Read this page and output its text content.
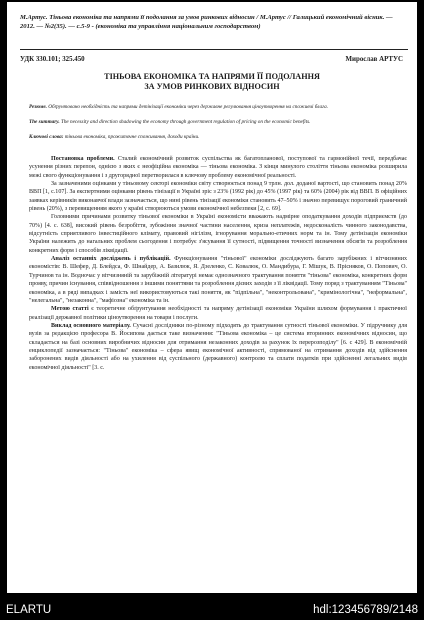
М.Артус. Тіньова економіка та напрями її подолання за умов ринкових відносин / М.Артус // Галицький економічний вісник. — 2012. — №2(35). — с.5-9 - (економіка та управління національним господарством)
УДК 330.101; 325.450	Мирослав АРТУС
ТІНЬОВА ЕКОНОМІКА ТА НАПРЯМИ ЇЇ ПОДОЛАННЯ
ЗА УМОВ РИНКОВИХ ВІДНОСИН
Резюме. Обґрунтовано необхідність та напрями детінізації економіки через державне регулювання ціноутворення на споживчі блага.
The summary. The necessity and direction shadowing the economy through government regulation of pricing on the economic benefits.
Ключові слова: тіньова економіка, прожиточне споживання, доходи країни.

Постановка проблеми. Сталий економічний розвиток суспільства як багатопланової, поступової та гармонійної течії, передбачає усунення різних перепон, однією з яких є неофіційна економіка — тіньова економіка. З кінця минулого століття тіньова економіка розширила межі свого функціонування і з другорядної перетворилася в ключову проблему економічної реальності.

За зазначеними оцінками у тіньовому секторі економіки світу створюється понад 9 трлн. дол. доданої вартості, що становить понад 20% ВВП [1, с.107]. За експертними оцінками рівень тінізації в Україні зріс з 23% (1992 рік) до 45% (1997 рік) та 60% (2004) рік від ВВП. В офіційних заявках керівників виконавчої влади зазначається, що нині рівень тінізації економіки становить 47–50% і значно перевищує пороговий граничний рівень (20%), з перевищенням якого у країні створюються умови економічної небезпеки [2, с. 69].

Головними причинами розвитку тіньової економіки в Україні економісти вважають надмірне оподаткування доходів підприємств (до 70%) [4. с. 638], високий рівень безробіття, зубожіння значної частини населення, криза неплатежів, недосконалість чинного законодавства, відсутність сприятливого інвестиційного клімату, правовий нігілізм, ігнорування морально-етичних норм та ін. Тому детінізація економіки України належить до нагальних проблем сьогодення і потребує з'ясування її сутності, підвищення точності визначення обсягів та розроблення конкретних форм і способів ліквідації.

Аналіз останніх досліджень і публікацій. Функціонування "тіньової" економіки досліджують багато зарубіжних і вітчизняних економістів: В. Шефер, Д. Блейдса, Ф. Шнайдер, А. Базилюк, Я. Дзеленко, С. Ковалюк, О. Мандибура, Г. Мішук, В. Прісняков, О. Попович, О. Турчинов та ін. Водночас у вітчизняній та зарубіжній літературі немає однозначного трактування поняття "тіньова" економіка, конкретних форм прояву, причин існування, співвідношення з іншими поняттями та розроблення дієвих заходів з її ліквідації. Тому поряд з трактуванням "Тіньова" економіка, а в ряді випадках і замість неї використовуються такі поняття, як "підпільна", "неконтрольована", "кримінологічна", "неформальна", "нелегальна", "незаконна", "мафіозна" економіка та ін.

Метою статті є теоретичне обґрунтування необхідності та напряму детінізації економіки України шляхом формування і практичної реалізації державної політики ціноутворення на товари і послуги.

Виклад основного матеріалу. Сучасні дослідники по-різному підходять до трактування сутності тіньової економіки. У підручнику для вузів за редакцією професора В. Йосипова дається таке визначення: "Тіньова економіка – це система вторинних економічних відносин, що складається на базі основних виробничих відносин для отримання незаконних доходів за рахунок їх перерозподілу" [6. с 429]. В економічній енциклопедії зазначається: "Тіньова" економіка – сфера явищ економічної активності, спрямованої на отримання доходів від здійснення заборонених видів діяльності або на ухилення від суспільного (державного) контролю та сплати податків при здійсненні легальних видів економічної діяльності" [3. с.

ELARTU	hdl:123456789/2148
